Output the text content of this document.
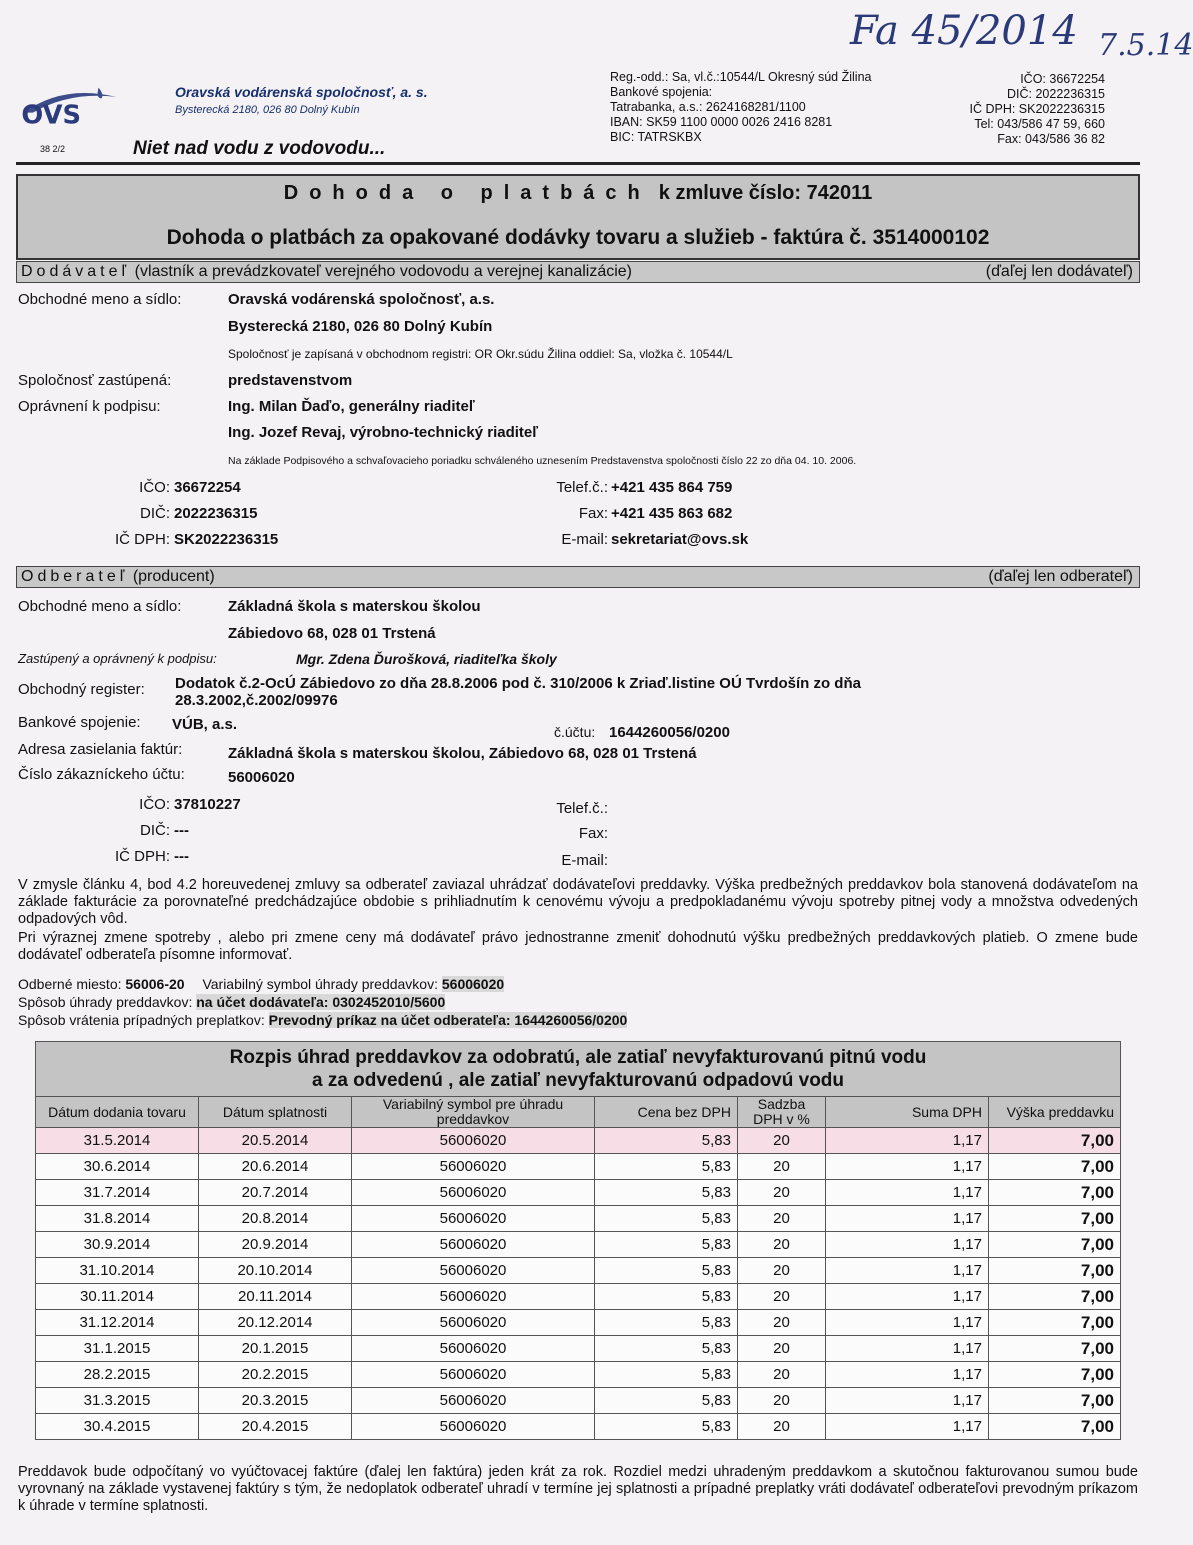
Fa 45/2014 7.5.14
OVS
Oravská vodárenská spoločnosť, a. s.
Bysterecká 2180, 026 80 Dolný Kubín
38 2/2	Niet nad vodu z vodovodu...
Reg.-odd.: Sa, vl.č.:10544/L Okresný súd Žilina
Bankové spojenia:
Tatrabanka, a.s.: 2624168281/1100
IBAN: SK59 1100 0000 0026 2416 8281
BIC: TATRSKBX
IČO: 36672254
DIČ: 2022236315
IČ DPH: SK2022236315
Tel: 043/586 47 59, 660
Fax: 043/586 36 82
Dohoda o platbách k zmluve číslo: 742011
Dohoda o platbách za opakované dodávky tovaru a služieb - faktúra č. 3514000102
Dodávateľ (vlastník a prevádzkovateľ verejného vodovodu a verejnej kanalizácie)	(ďaľej len dodávateľ)
Obchodné meno a sídlo:	Oravská vodárenská spoločnosť, a.s.
Bysterecká 2180, 026 80 Dolný Kubín
Spoločnosť je zapísaná v obchodnom registri: OR Okr.súdu Žilina oddiel: Sa, vložka č. 10544/L
Spoločnosť zastúpená:	predstavenstvom
Oprávnení k podpisu:	Ing. Milan Ďaďo, generálny riaditeľ
Ing. Jozef Revaj, výrobno-technický riaditeľ
Na základe Podpisového a schvaľovacieho poriadku schváleného uznesením Predstavenstva spoločnosti číslo 22 zo dňa 04. 10. 2006.
IČO: 36672254
DIČ: 2022236315
IČ DPH: SK2022236315
Telef.č.: +421 435 864 759
Fax: +421 435 863 682
E-mail: sekretariat@ovs.sk
Odberateľ (producent)	(ďaľej len odberateľ)
Obchodné meno a sídlo:	Základná škola s materskou školou
Zábiedovo 68, 028 01 Trstená
Zastúpený a oprávnený k podpisu:	Mgr. Zdena Ďurošková, riaditeľka školy
Obchodný register: Dodatok č.2-OcÚ Zábiedovo zo dňa 28.8.2006 pod č. 310/2006 k Zriaď.listine OÚ Tvrdošín zo dňa
28.3.2002,č.2002/09976
Bankové spojenie: VÚB, a.s.	č.účtu: 1644260056/0200
Adresa zasielania faktúr:	Základná škola s materskou školou, Zábiedovo 68, 028 01 Trstená
Číslo zákazníckeho účtu:	56006020
IČO: 37810227
DIČ: ---
IČ DPH: ---
Telef.č.:
Fax:
E-mail:
V zmysle článku 4, bod 4.2 horeuvedenej zmluvy sa odberateľ zaviazal uhrádzať dodávateľovi preddavky. Výška predbežných preddavkov bola stanovená dodávateľom na základe fakturácie za porovnateľné predchádzajúce obdobie s prihliadnutím k cenovému vývoju a predpokladanému vývoju spotreby pitnej vody a množstva odvedených odpadových vôd.
Pri výraznej zmene spotreby , alebo pri zmene ceny má dodávateľ právo jednostranne zmeniť dohodnutú výšku predbežných preddavkových platieb. O zmene bude dodávateľ odberateľa písomne informovať.
Odberné miesto: 56006-20 Variabilný symbol úhrady preddavkov: 56006020
Spôsob úhrady preddavkov: na účet dodávateľa: 0302452010/5600
Spôsob vrátenia prípadných preplatkov: Prevodný príkaz na účet odberateľa: 1644260056/0200
Rozpis úhrad preddavkov za odobratú, ale zatiaľ nevyfakturovanú pitnú vodu
a za odvedenú , ale zatiaľ nevyfakturovanú odpadovú vodu						

Dátum dodania tovaru	Dátum splatnosti	Variabilný symbol pre úhradu preddavkov	Cena bez DPH	Sadzba DPH v %	Suma DPH	Výška preddavku
31.5.2014	20.5.2014	56006020	5,83	20	1,17	7,00
30.6.2014	20.6.2014	56006020	5,83	20	1,17	7,00
31.7.2014	20.7.2014	56006020	5,83	20	1,17	7,00
31.8.2014	20.8.2014	56006020	5,83	20	1,17	7,00
30.9.2014	20.9.2014	56006020	5,83	20	1,17	7,00
31.10.2014	20.10.2014	56006020	5,83	20	1,17	7,00
30.11.2014	20.11.2014	56006020	5,83	20	1,17	7,00
31.12.2014	20.12.2014	56006020	5,83	20	1,17	7,00
31.1.2015	20.1.2015	56006020	5,83	20	1,17	7,00
28.2.2015	20.2.2015	56006020	5,83	20	1,17	7,00
31.3.2015	20.3.2015	56006020	5,83	20	1,17	7,00
30.4.2015	20.4.2015	56006020	5,83	20	1,17	7,00
Preddavok bude odpočítaný vo vyúčtovacej faktúre (ďalej len faktúra) jeden krát za rok. Rozdiel medzi uhradeným preddavkom a skutočnou fakturovanou sumou bude vyrovnaný na základe vystavenej faktúry s tým, že nedoplatok odberateľ uhradí v termíne jej splatnosti a prípadné preplatky vráti dodávateľ odberateľovi prevodným príkazom k úhrade v termíne splatnosti.
